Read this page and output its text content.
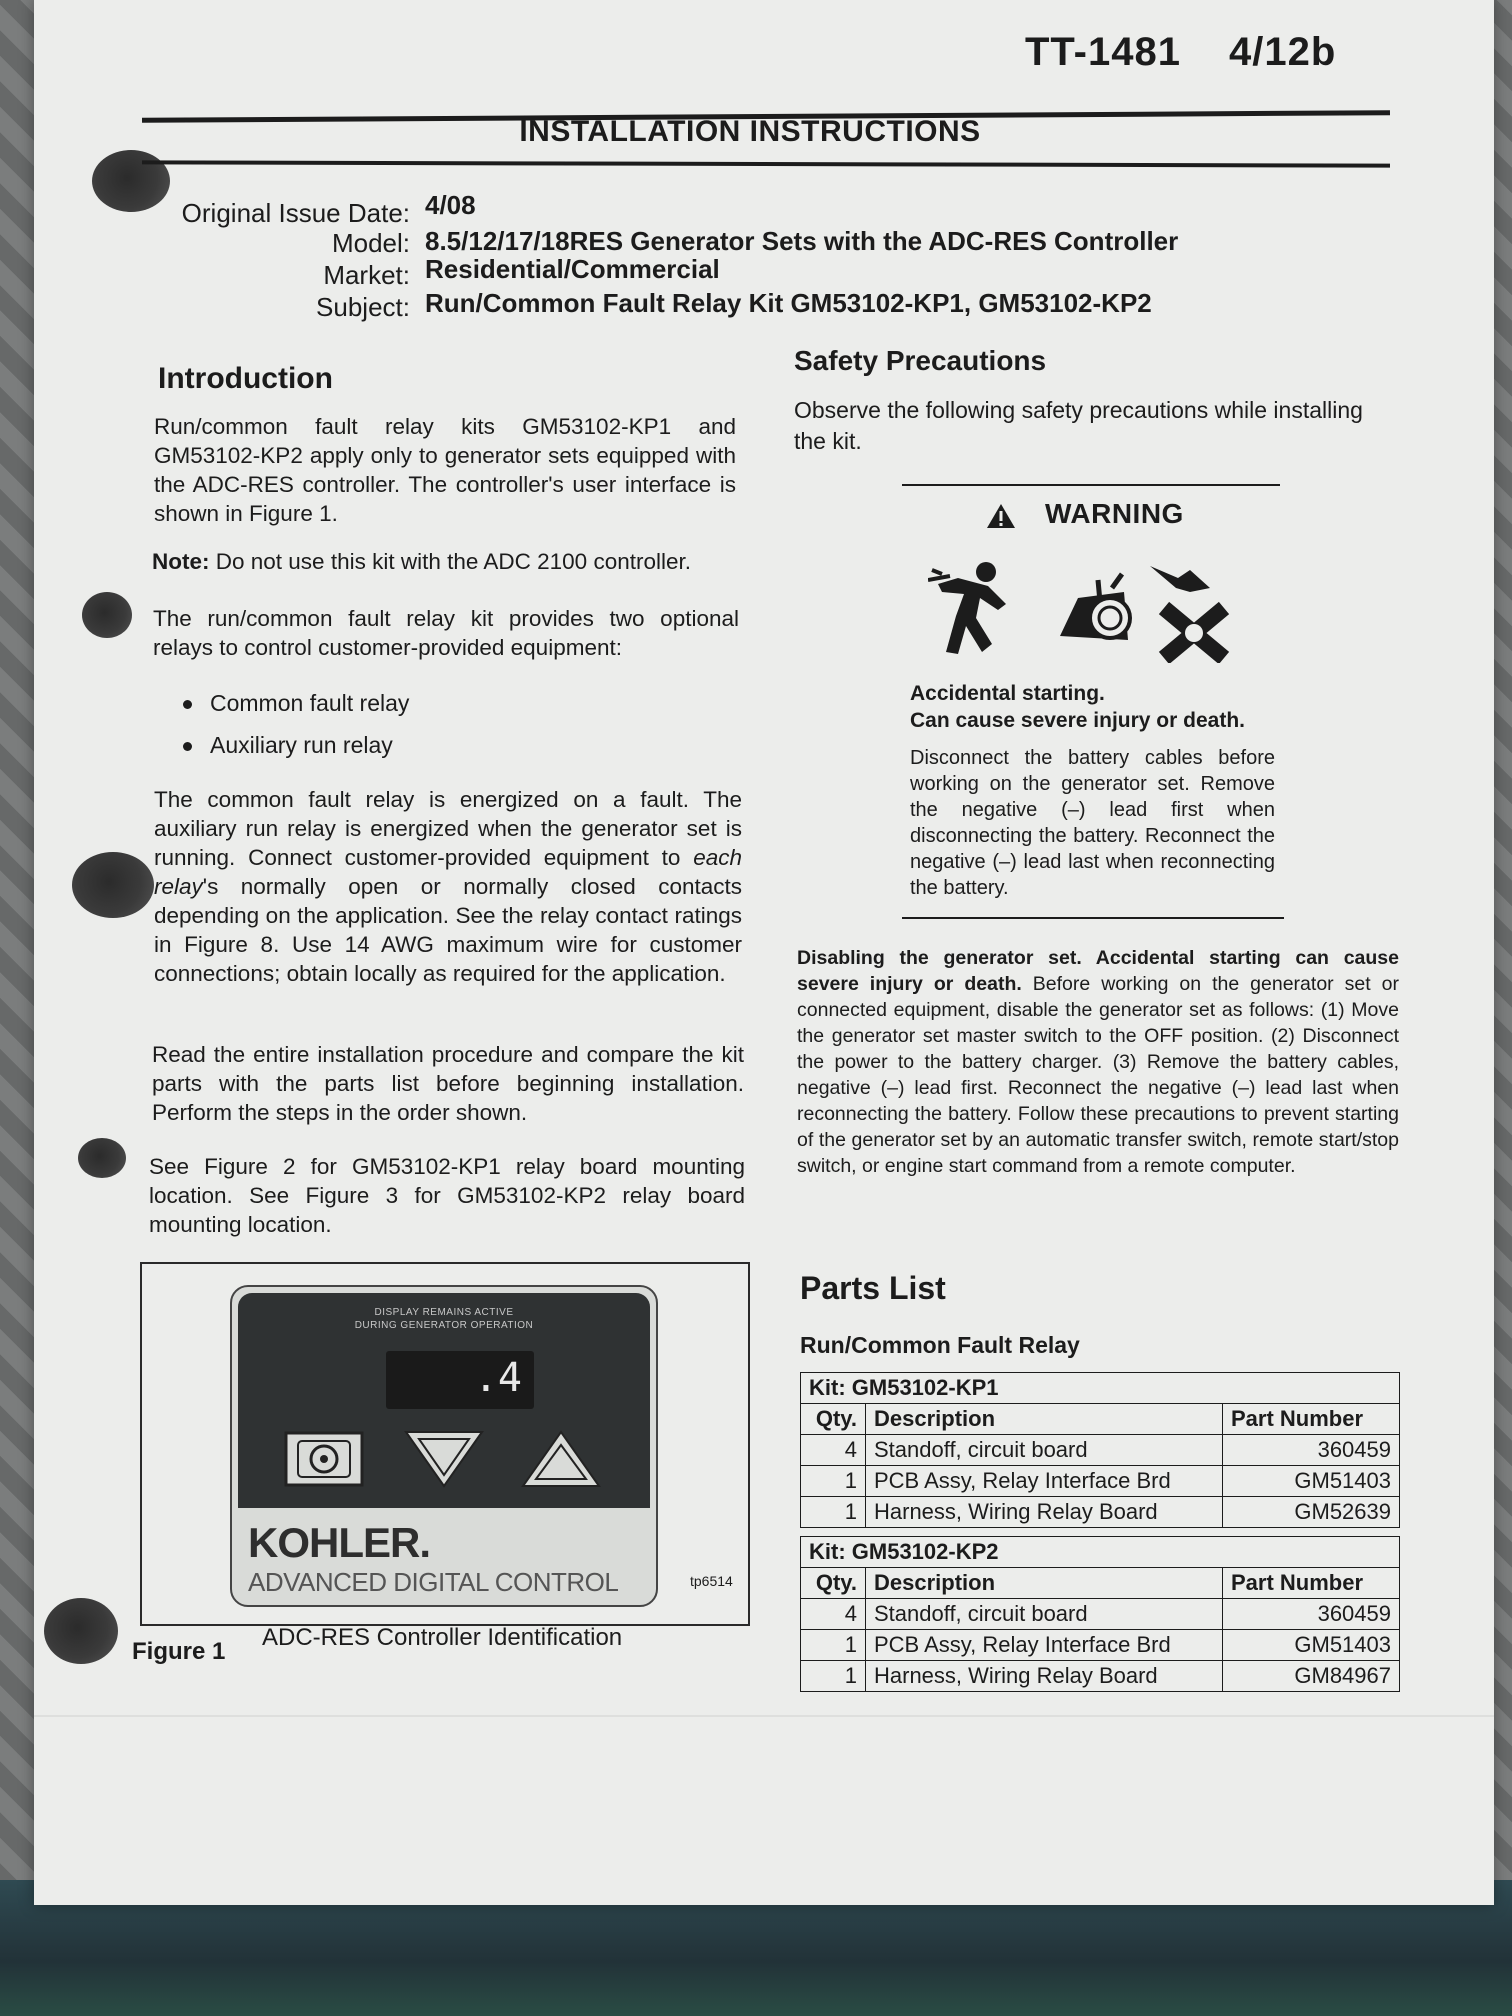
TT-1481 4/12b
INSTALLATION INSTRUCTIONS
Original Issue Date: 4/08
Model: 8.5/12/17/18RES Generator Sets with the ADC-RES Controller
Market: Residential/Commercial
Subject: Run/Common Fault Relay Kit GM53102-KP1, GM53102-KP2
Introduction
Run/common fault relay kits GM53102-KP1 and GM53102-KP2 apply only to generator sets equipped with the ADC-RES controller. The controller's user interface is shown in Figure 1.
Note: Do not use this kit with the ADC 2100 controller.
The run/common fault relay kit provides two optional relays to control customer-provided equipment:
Common fault relay
Auxiliary run relay
The common fault relay is energized on a fault. The auxiliary run relay is energized when the generator set is running. Connect customer-provided equipment to each relay's normally open or normally closed contacts depending on the application. See the relay contact ratings in Figure 8. Use 14 AWG maximum wire for customer connections; obtain locally as required for the application.
Read the entire installation procedure and compare the kit parts with the parts list before beginning installation. Perform the steps in the order shown.
See Figure 2 for GM53102-KP1 relay board mounting location. See Figure 3 for GM53102-KP2 relay board mounting location.
DISPLAY REMAINS ACTIVE
DURING GENERATOR OPERATION
.4
KOHLER.
ADVANCED DIGITAL CONTROL	tp6514
Figure 1
ADC-RES Controller Identification
Safety Precautions
Observe the following safety precautions while installing the kit.
WARNING
Accidental starting.
Can cause severe injury or death.
Disconnect the battery cables before working on the generator set. Remove the negative (–) lead first when disconnecting the battery. Reconnect the negative (–) lead last when reconnecting the battery.
Disabling the generator set. Accidental starting can cause severe injury or death. Before working on the generator set or connected equipment, disable the generator set as follows: (1) Move the generator set master switch to the OFF position. (2) Disconnect the power to the battery charger. (3) Remove the battery cables, negative (–) lead first. Reconnect the negative (–) lead last when reconnecting the battery. Follow these precautions to prevent starting of the generator set by an automatic transfer switch, remote start/stop switch, or engine start command from a remote computer.
Parts List
Run/Common Fault Relay
Kit: GM53102-KP1		
Qty.	Description	Part Number
4	Standoff, circuit board	360459
1	PCB Assy, Relay Interface Brd	GM51403
1	Harness, Wiring Relay Board	GM52639
Kit: GM53102-KP2		
Qty.	Description	Part Number
4	Standoff, circuit board	360459
1	PCB Assy, Relay Interface Brd	GM51403
1	Harness, Wiring Relay Board	GM84967
